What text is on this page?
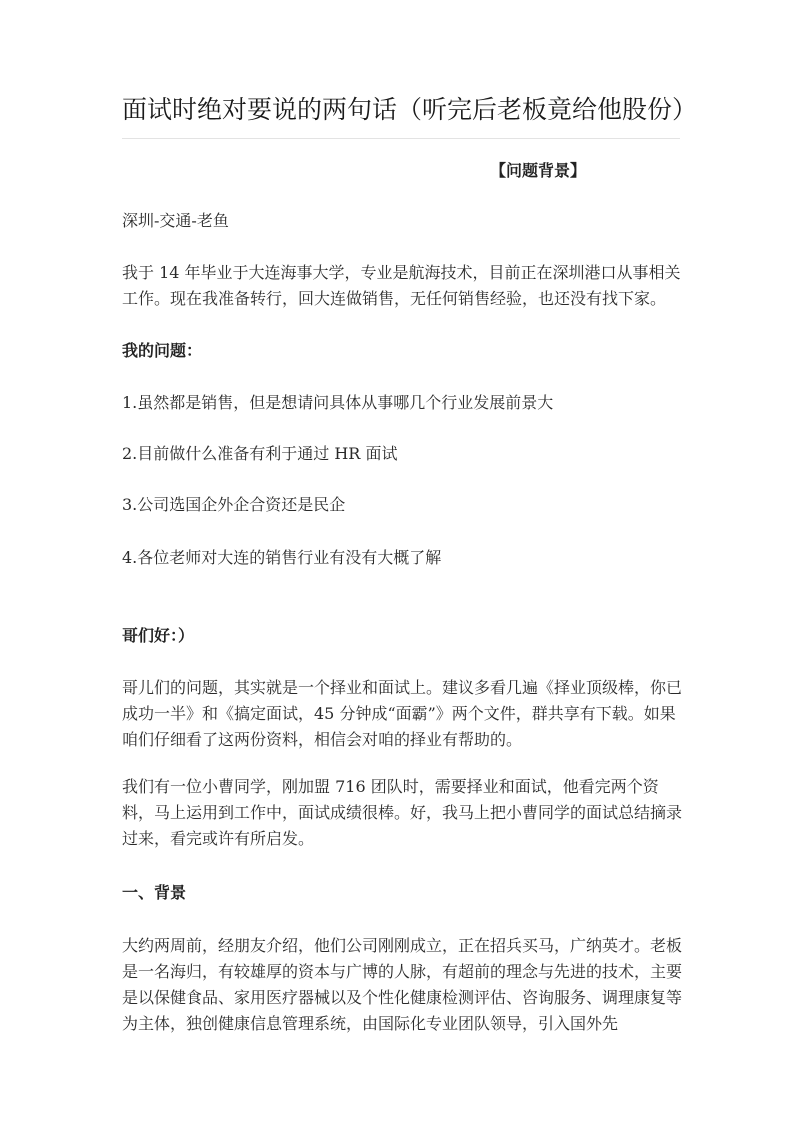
面试时绝对要说的两句话（听完后老板竟给他股份）
【问题背景】

深圳-交通-老鱼

我于 14 年毕业于大连海事大学，专业是航海技术，目前正在深圳港口从事相关工作。现在我准备转行，回大连做销售，无任何销售经验，也还没有找下家。

我的问题：

1.虽然都是销售，但是想请问具体从事哪几个行业发展前景大

2.目前做什么准备有利于通过 HR 面试

3.公司选国企外企合资还是民企

4.各位老师对大连的销售行业有没有大概了解

哥们好：）

哥儿们的问题，其实就是一个择业和面试上。建议多看几遍《择业顶级棒，你已成功一半》和《搞定面试，45 分钟成“面霸”》两个文件，群共享有下载。如果咱们仔细看了这两份资料，相信会对咱的择业有帮助的。

我们有一位小曹同学，刚加盟 716 团队时，需要择业和面试，他看完两个资料，马上运用到工作中，面试成绩很棒。好，我马上把小曹同学的面试总结摘录过来，看完或许有所启发。

一、背景

大约两周前，经朋友介绍，他们公司刚刚成立，正在招兵买马，广纳英才。老板是一名海归，有较雄厚的资本与广博的人脉，有超前的理念与先进的技术，主要是以保健食品、家用医疗器械以及个性化健康检测评估、咨询服务、调理康复等为主体，独创健康信息管理系统，由国际化专业团队领导，引入国外先
